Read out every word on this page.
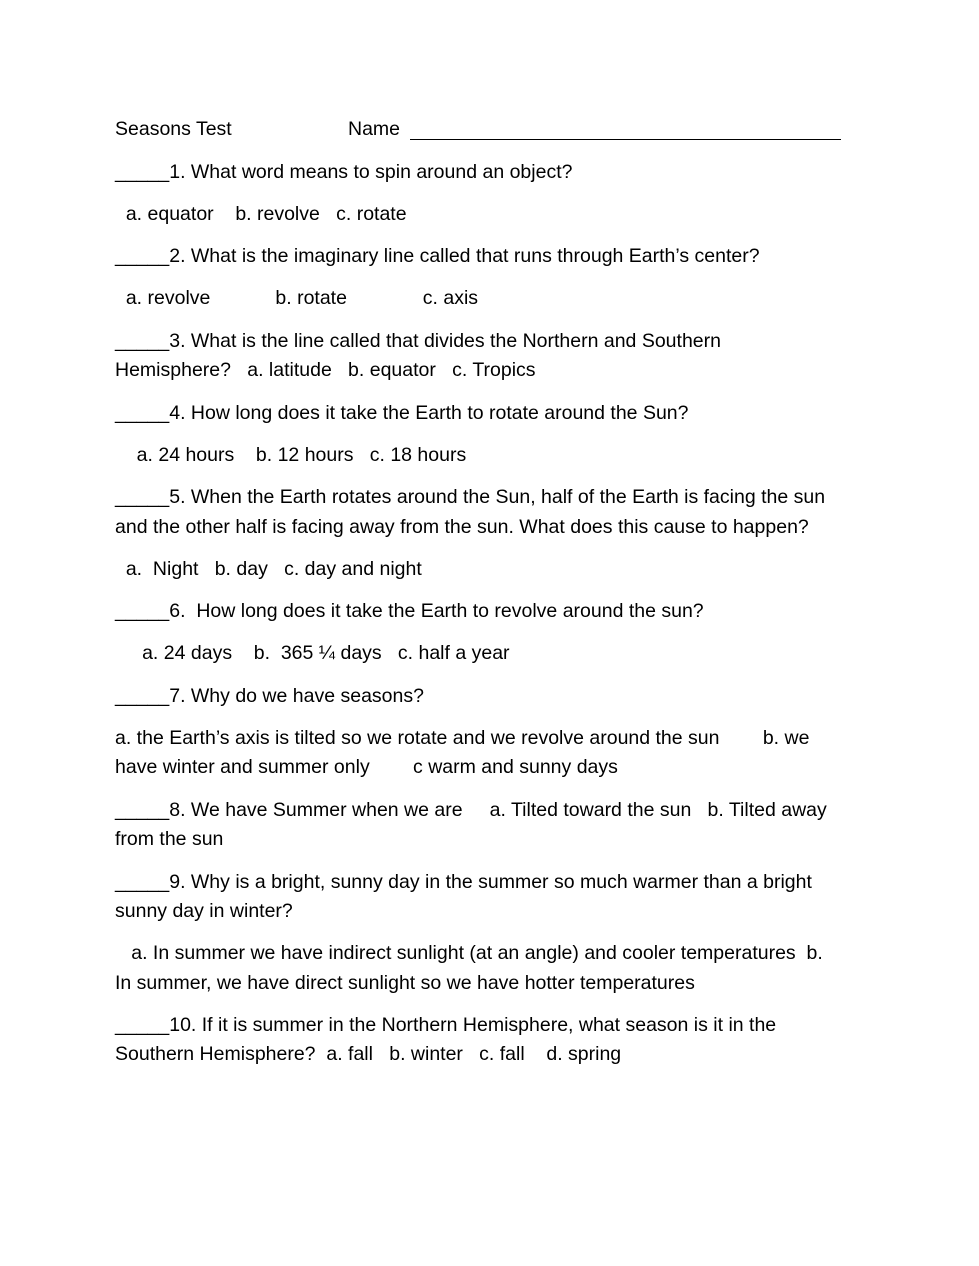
Seasons Test	Name
_____1. What word means to spin around an object?
a. equator    b. revolve   c. rotate
_____2. What is the imaginary line called that runs through Earth’s center?
a. revolve            b. rotate              c. axis
_____3. What is the line called that divides the Northern and Southern
Hemisphere?   a. latitude   b. equator   c. Tropics
_____4. How long does it take the Earth to rotate around the Sun?
a. 24 hours    b. 12 hours   c. 18 hours
_____5. When the Earth rotates around the Sun, half of the Earth is facing the sun
and the other half is facing away from the sun. What does this cause to happen?
a.  Night   b. day   c. day and night
_____6.  How long does it take the Earth to revolve around the sun?
a. 24 days    b.  365 ¼ days   c. half a year
_____7. Why do we have seasons?
a. the Earth’s axis is tilted so we rotate and we revolve around the sun        b. we
have winter and summer only        c warm and sunny days
_____8. We have Summer when we are     a. Tilted toward the sun   b. Tilted away
from the sun
_____9. Why is a bright, sunny day in the summer so much warmer than a bright
sunny day in winter?
a. In summer we have indirect sunlight (at an angle) and cooler temperatures  b.
In summer, we have direct sunlight so we have hotter temperatures
_____10. If it is summer in the Northern Hemisphere, what season is it in the
Southern Hemisphere?  a. fall   b. winter   c. fall    d. spring
